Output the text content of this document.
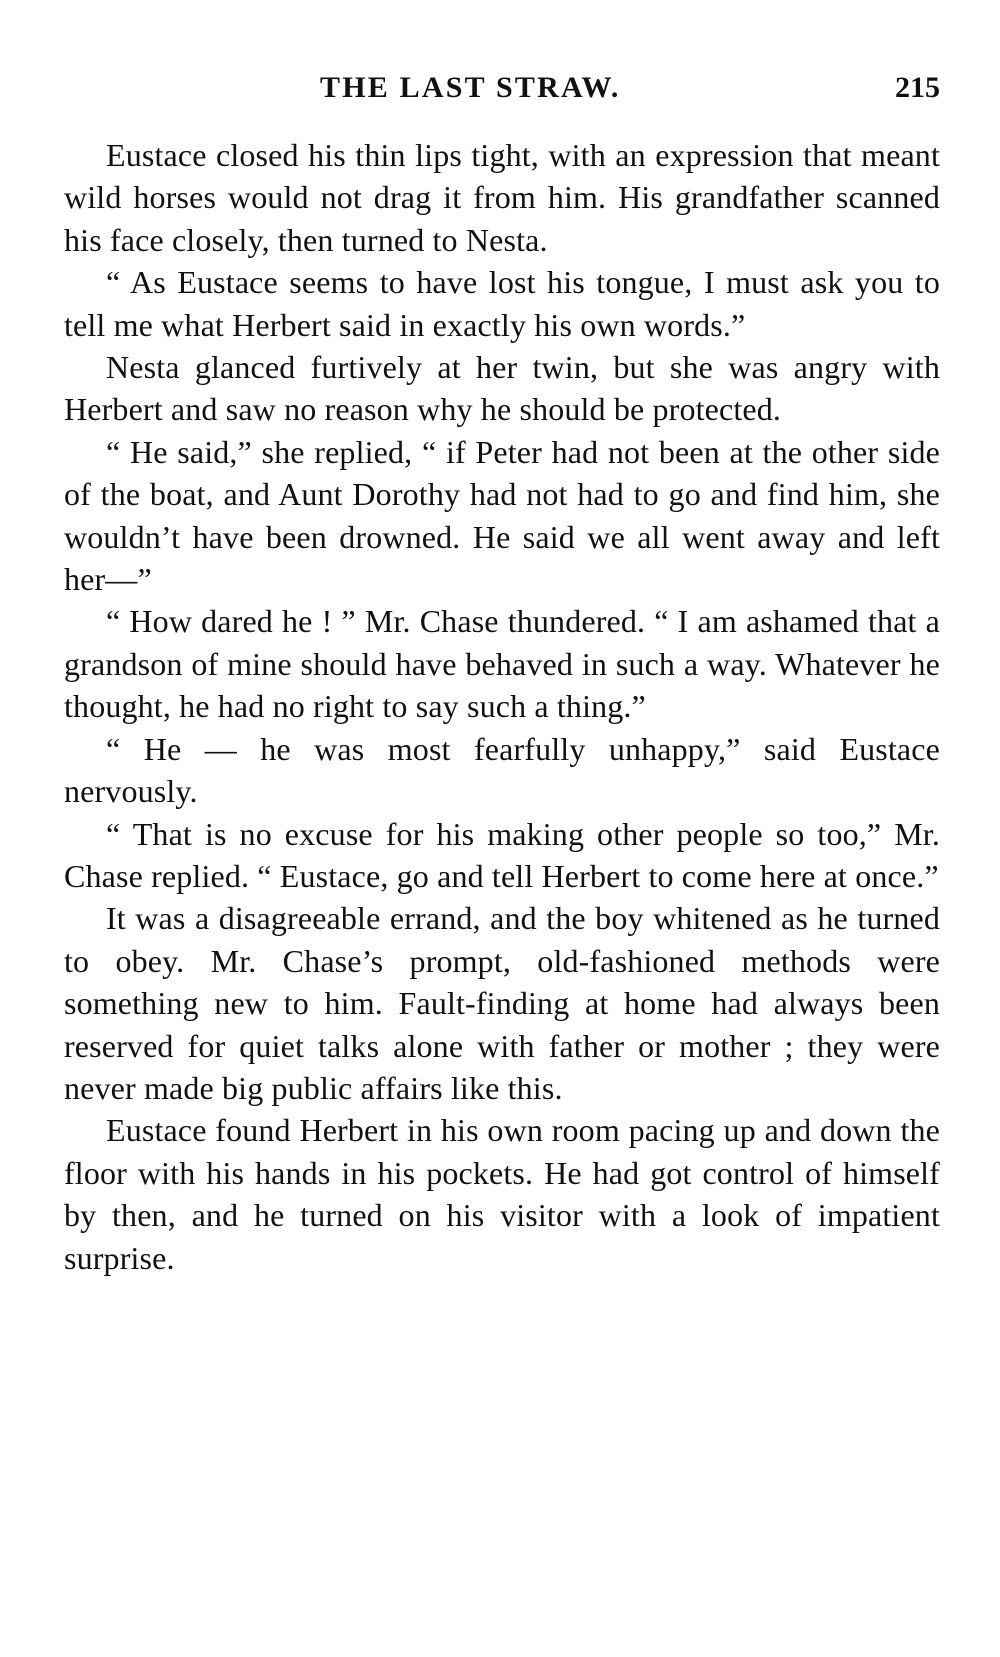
THE LAST STRAW.	215

Eustace closed his thin lips tight, with an expression that meant wild horses would not drag it from him. His grandfather scanned his face closely, then turned to Nesta.

“ As Eustace seems to have lost his tongue, I must ask you to tell me what Herbert said in exactly his own words.”

Nesta glanced furtively at her twin, but she was angry with Herbert and saw no reason why he should be protected.

“ He said,” she replied, “ if Peter had not been at the other side of the boat, and Aunt Dorothy had not had to go and find him, she wouldn’t have been drowned. He said we all went away and left her—”

“ How dared he ! ” Mr. Chase thundered. “ I am ashamed that a grandson of mine should have behaved in such a way. Whatever he thought, he had no right to say such a thing.”

“ He — he was most fearfully unhappy,” said Eustace nervously.

“ That is no excuse for his making other people so too,” Mr. Chase replied. “ Eustace, go and tell Herbert to come here at once.”

It was a disagreeable errand, and the boy whitened as he turned to obey. Mr. Chase’s prompt, old-fashioned methods were something new to him. Fault-finding at home had always been reserved for quiet talks alone with father or mother ; they were never made big public affairs like this.

Eustace found Herbert in his own room pacing up and down the floor with his hands in his pockets. He had got control of himself by then, and he turned on his visitor with a look of impatient surprise.
